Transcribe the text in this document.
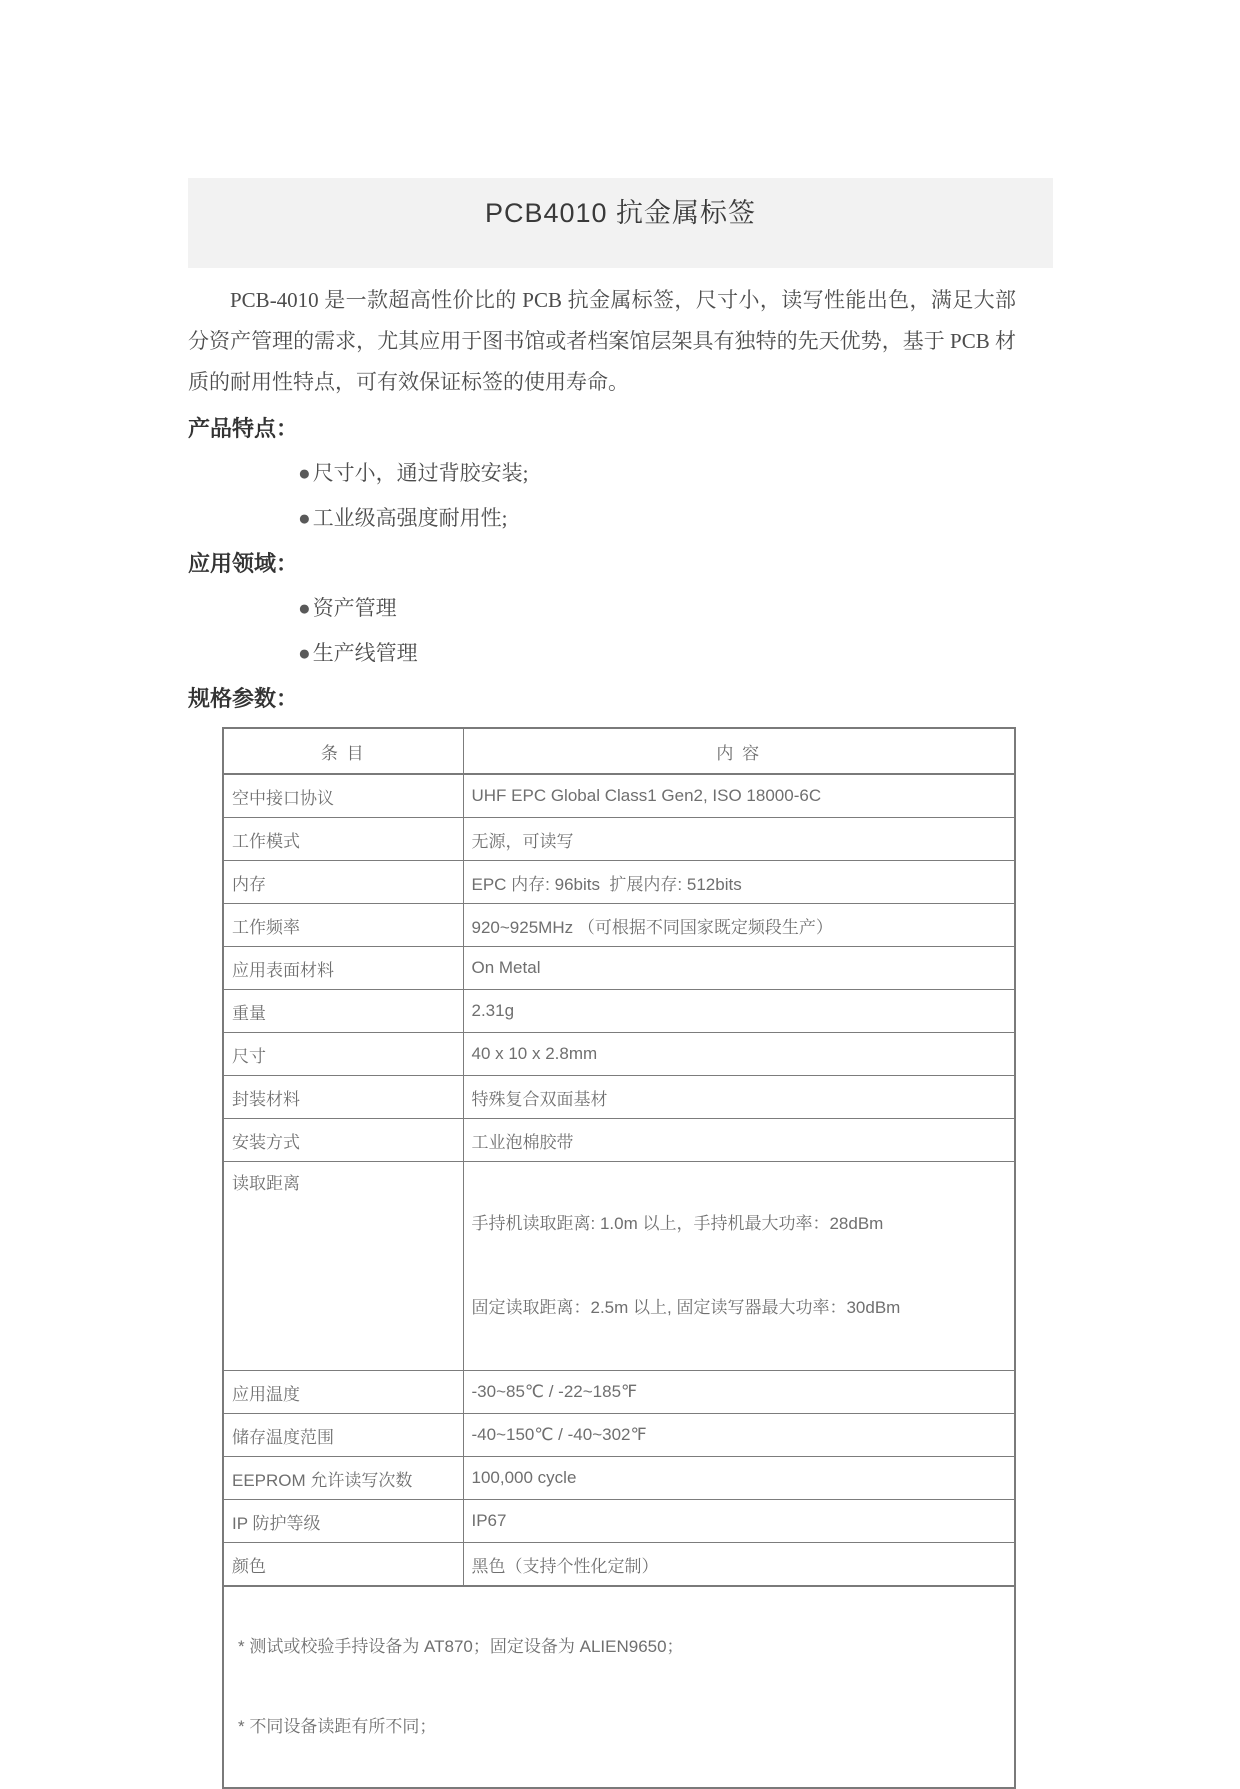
PCB4010 抗金属标签

PCB-4010 是一款超高性价比的 PCB 抗金属标签，尺寸小，读写性能出色，满足大部分资产管理的需求，尤其应用于图书馆或者档案馆层架具有独特的先天优势，基于 PCB 材质的耐用性特点，可有效保证标签的使用寿命。

产品特点：
●尺寸小，通过背胶安装;
●工业级高强度耐用性;
应用领域：
●资产管理
●生产线管理
规格参数：
条 目	内 容
空中接口协议	UHF EPC Global Class1 Gen2, ISO 18000-6C
工作模式	无源，可读写
内存	EPC 内存: 96bits  扩展内存: 512bits
工作频率	920~925MHz （可根据不同国家既定频段生产）
应用表面材料	On Metal
重量	2.31g
尺寸	40 x 10 x 2.8mm
封装材料	特殊复合双面基材
安装方式	工业泡棉胶带

读取距离	手持机读取距离: 1.0m 以上，手持机最大功率：28dBm

固定读取距离：2.5m 以上, 固定读写器最大功率：30dBm

应用温度	-30~85℃ / -22~185℉
储存温度范围	-40~150℃ / -40~302℉
EEPROM 允许读写次数	100,000 cycle
IP 防护等级	IP67
颜色	黑色（支持个性化定制）

* 测试或校验手持设备为 AT870；固定设备为 ALIEN9650；

* 不同设备读距有所不同；	
